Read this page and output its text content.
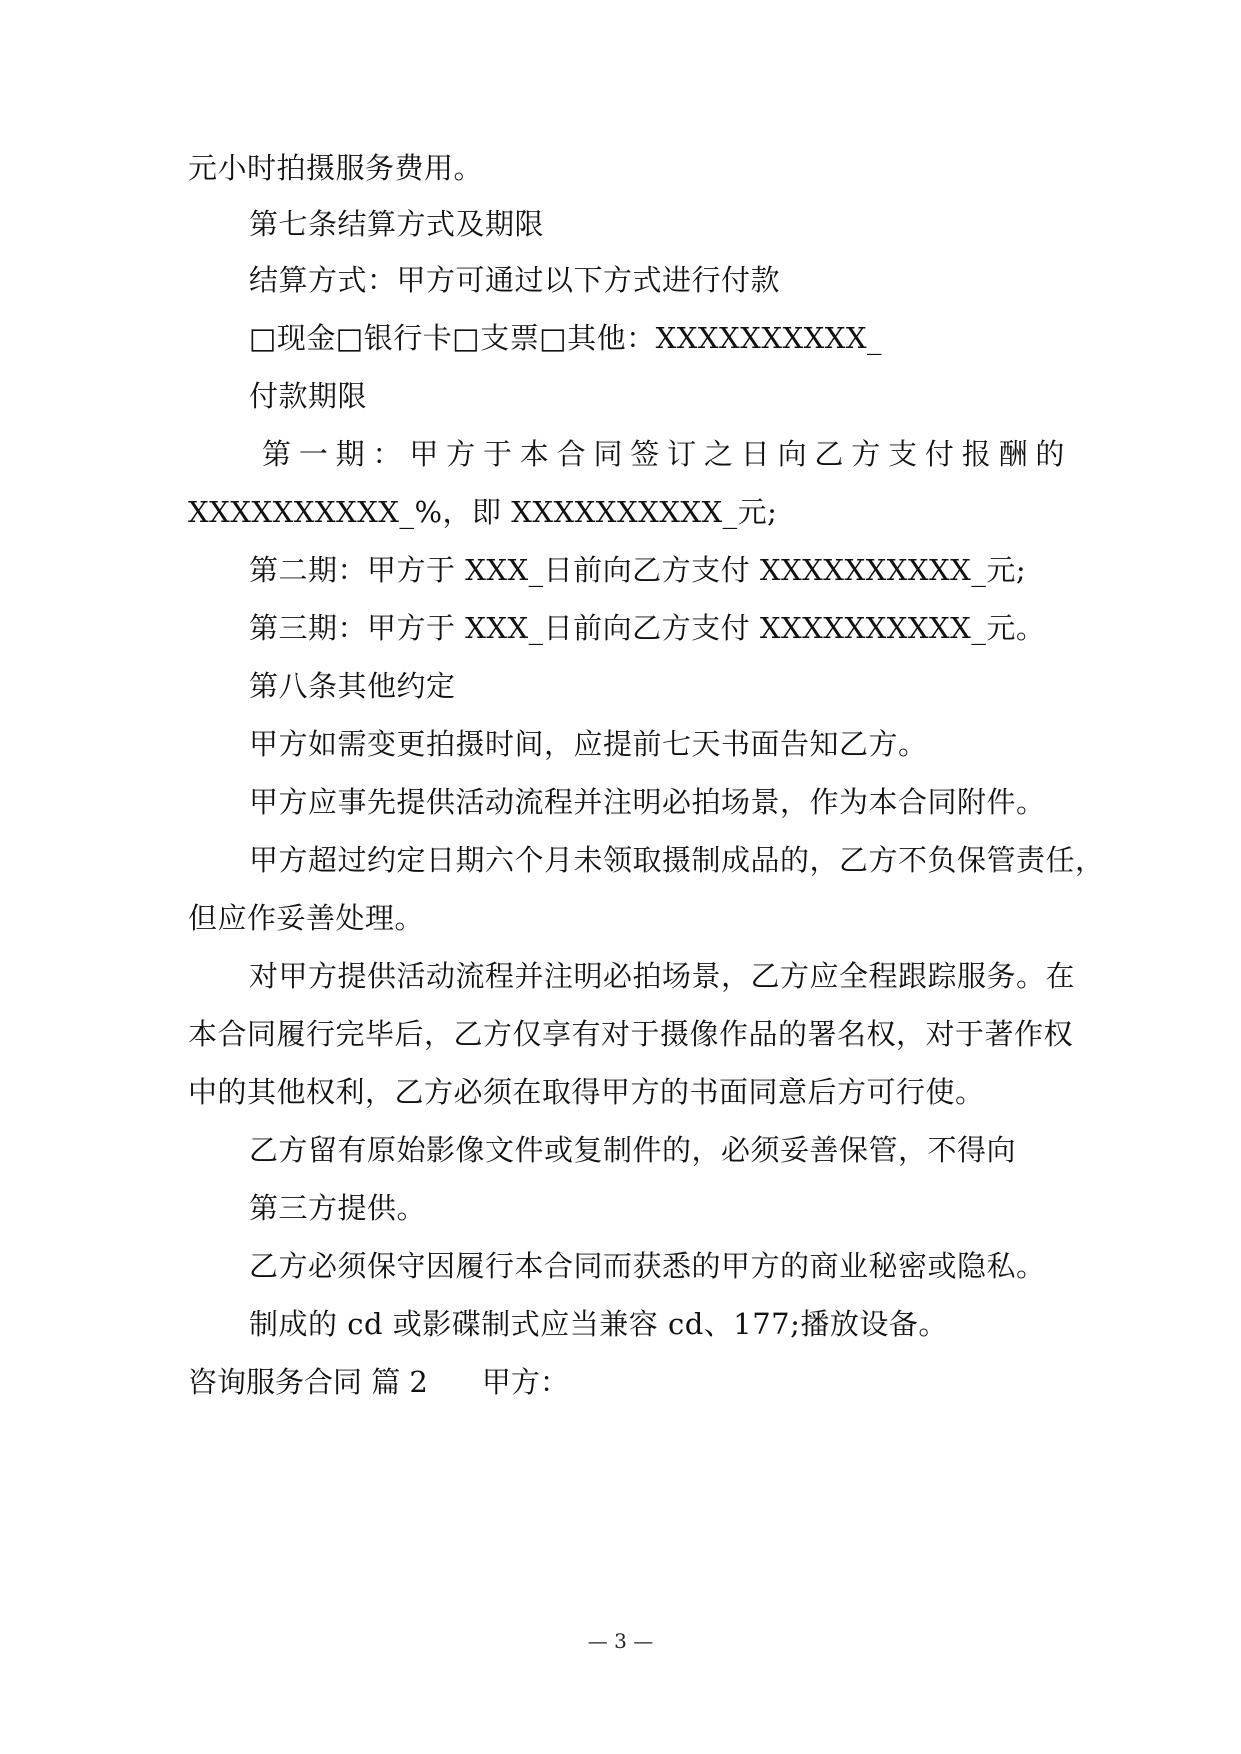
元小时拍摄服务费用。
第七条结算方式及期限
结算方式：甲方可通过以下方式进行付款
□现金□银行卡□支票□其他：XXXXXXXXXX_
付款期限
第 一 期 ： 甲 方 于 本 合 同 签 订 之 日 向 乙 方 支 付 报 酬 的
XXXXXXXXXX_%，即 XXXXXXXXXX_元;
第二期：甲方于 XXX_日前向乙方支付 XXXXXXXXXX_元;
第三期：甲方于 XXX_日前向乙方支付 XXXXXXXXXX_元。
第八条其他约定
甲方如需变更拍摄时间，应提前七天书面告知乙方。
甲方应事先提供活动流程并注明必拍场景，作为本合同附件。
甲方超过约定日期六个月未领取摄制成品的，乙方不负保管责任，
但应作妥善处理。
对甲方提供活动流程并注明必拍场景，乙方应全程跟踪服务。在
本合同履行完毕后，乙方仅享有对于摄像作品的署名权，对于著作权
中的其他权利，乙方必须在取得甲方的书面同意后方可行使。
乙方留有原始影像文件或复制件的，必须妥善保管，不得向
第三方提供。
乙方必须保守因履行本合同而获悉的甲方的商业秘密或隐私。
制成的 cd 或影碟制式应当兼容 cd、177;播放设备。
咨询服务合同 篇 2 甲方：
— 3 —
